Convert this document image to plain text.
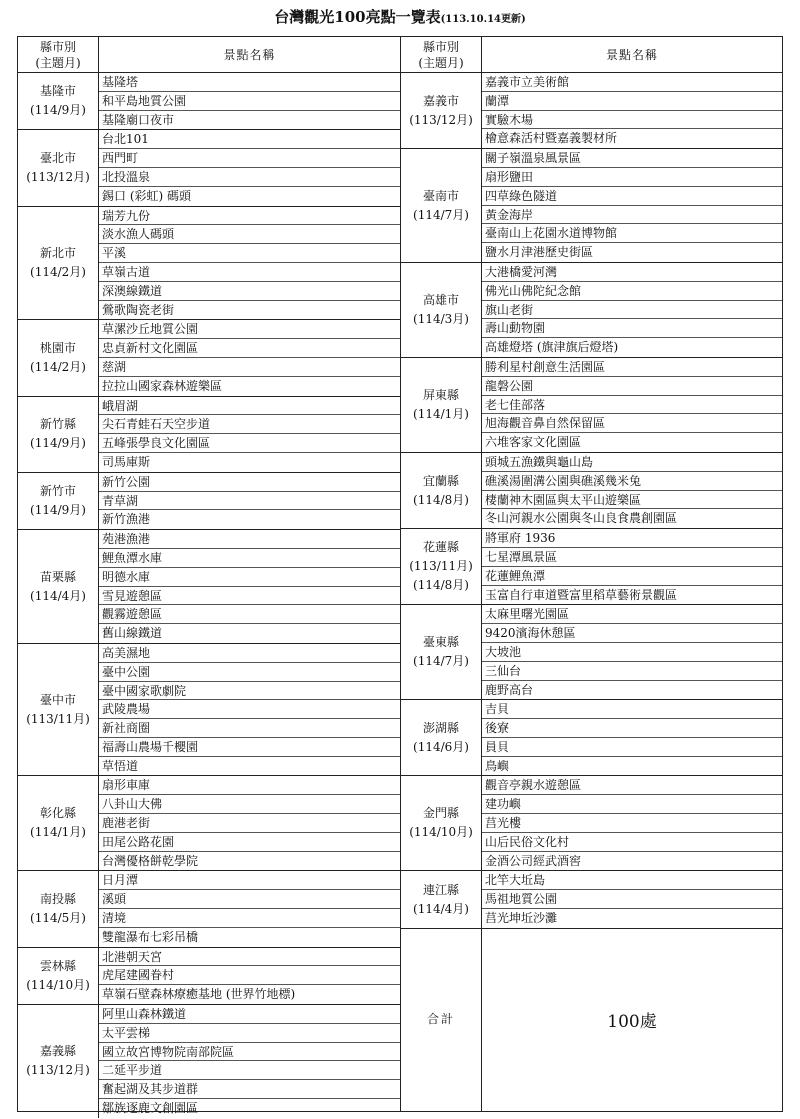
台灣觀光100亮點一覽表(113.10.14更新)
縣市別
(主題月)
景點名稱
基隆市
(114/9月)
基隆塔
和平島地質公園
基隆廟口夜市
臺北市
(113/12月)
台北101
西門町
北投溫泉
錫口 (彩虹) 碼頭
新北市
(114/2月)
瑞芳九份
淡水漁人碼頭
平溪
草嶺古道
深澳線鐵道
鶯歌陶瓷老街
桃園市
(114/2月)
草漯沙丘地質公園
忠貞新村文化園區
慈湖
拉拉山國家森林遊樂區
新竹縣
(114/9月)
峨眉湖
尖石青蛙石天空步道
五峰張學良文化園區
司馬庫斯
新竹市
(114/9月)
新竹公園
青草湖
新竹漁港
苗栗縣
(114/4月)
苑港漁港
鯉魚潭水庫
明德水庫
雪見遊憩區
觀霧遊憩區
舊山線鐵道
臺中市
(113/11月)
高美濕地
臺中公園
臺中國家歌劇院
武陵農場
新社商圈
福壽山農場千櫻園
草悟道
彰化縣
(114/1月)
扇形車庫
八卦山大佛
鹿港老街
田尾公路花園
台灣優格餅乾學院
南投縣
(114/5月)
日月潭
溪頭
清境
雙龍瀑布七彩吊橋
雲林縣
(114/10月)
北港朝天宮
虎尾建國眷村
草嶺石壁森林療癒基地 (世界竹地標)
嘉義縣
(113/12月)
阿里山森林鐵道
太平雲梯
國立故宮博物院南部院區
二延平步道
奮起湖及其步道群
鄒族逐鹿文創園區
縣市別
(主題月)
景點名稱
嘉義市
(113/12月)
嘉義市立美術館
蘭潭
實驗木場
檜意森活村暨嘉義製材所
臺南市
(114/7月)
關子嶺溫泉風景區
扇形鹽田
四草綠色隧道
黃金海岸
臺南山上花園水道博物館
鹽水月津港歷史街區
高雄市
(114/3月)
大港橋愛河灣
佛光山佛陀紀念館
旗山老街
壽山動物園
高雄燈塔 (旗津旗后燈塔)
屏東縣
(114/1月)
勝利星村創意生活園區
龍磐公園
老七佳部落
旭海觀音鼻自然保留區
六堆客家文化園區
宜蘭縣
(114/8月)
頭城五漁鐵與龜山島
礁溪湯圍溝公園與礁溪幾米兔
棲蘭神木園區與太平山遊樂區
冬山河親水公園與冬山良食農創園區
花蓮縣
(113/11月)
(114/8月)
將軍府 1936
七星潭風景區
花蓮鯉魚潭
玉富自行車道暨富里稻草藝術景觀區
臺東縣
(114/7月)
太麻里曙光園區
9420濱海休憩區
大坡池
三仙台
鹿野高台
澎湖縣
(114/6月)
吉貝
後寮
員貝
鳥嶼
金門縣
(114/10月)
觀音亭親水遊憩區
建功嶼
莒光樓
山后民俗文化村
金酒公司經武酒窖
連江縣
(114/4月)
北竿大坵島
馬祖地質公園
莒光坤坵沙灘
合計	100處
